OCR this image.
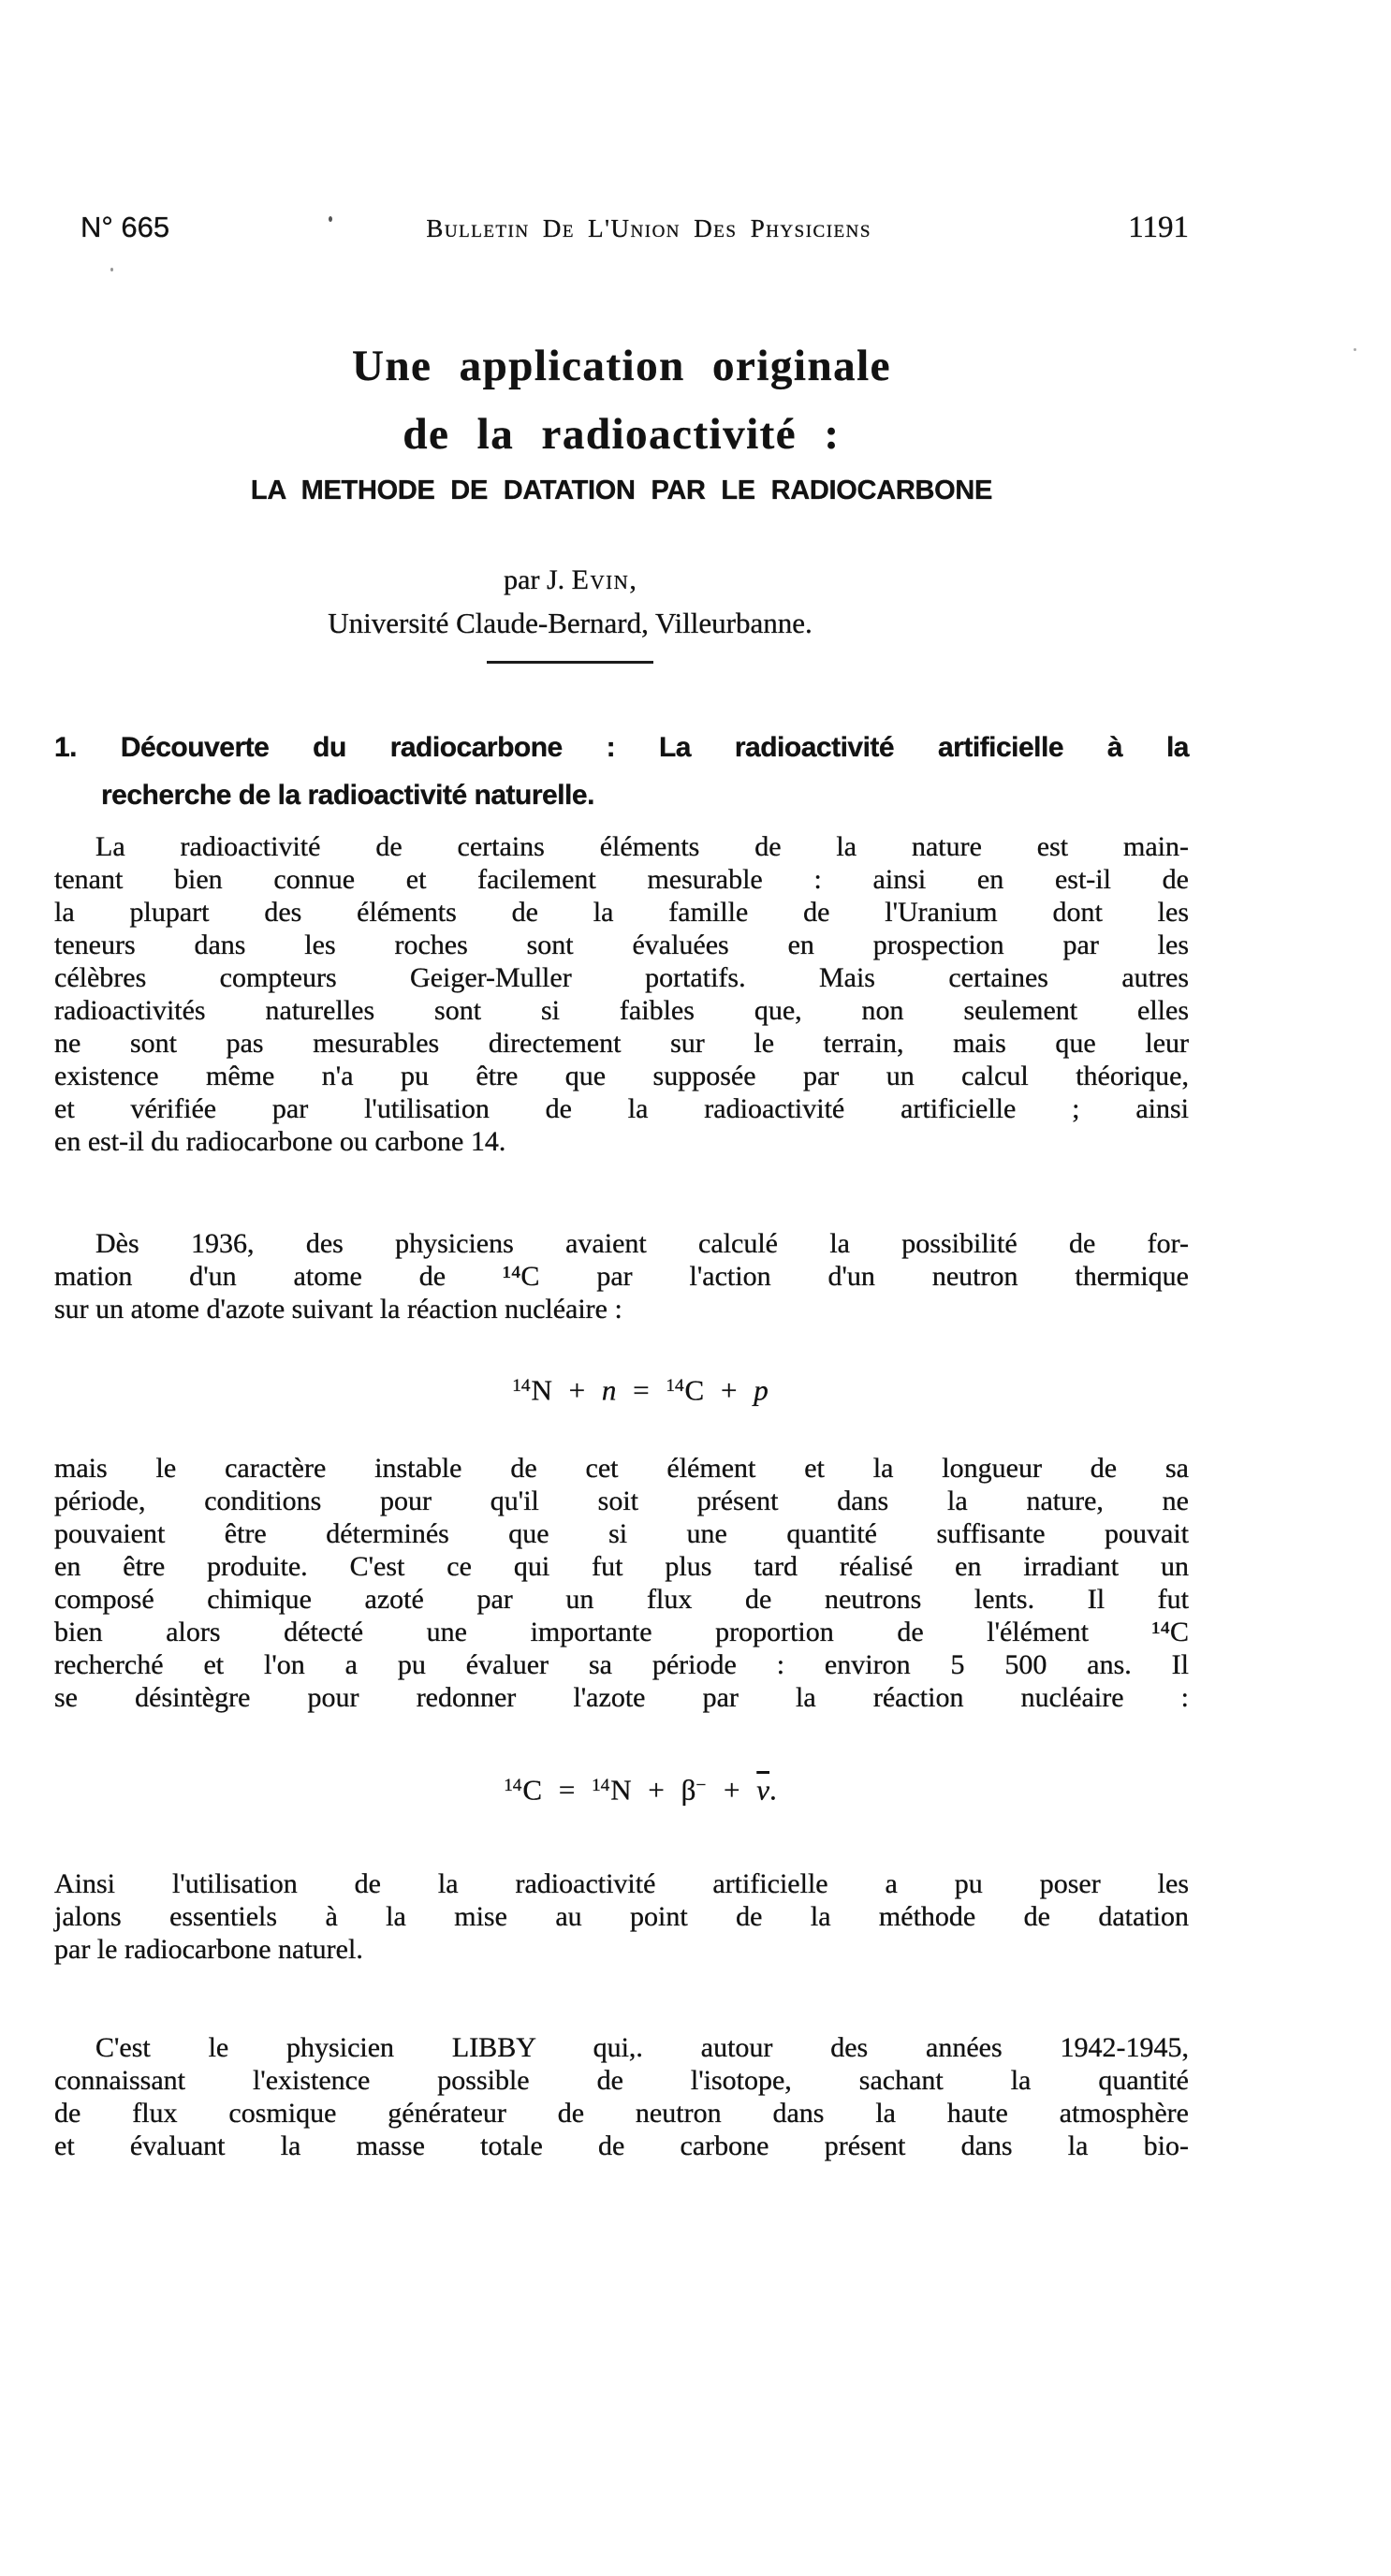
N° 665	Bulletin De L'Union Des Physiciens	1191
Une application originale
de la radioactivité :
LA METHODE DE DATATION PAR LE RADIOCARBONE

par J. Evin,

Université Claude-Bernard, Villeurbanne.

1. Découverte du radiocarbone : La radioactivité artificielle à la
recherche de la radioactivité naturelle.
La radioactivité de certains éléments de la nature est main-
tenant bien connue et facilement mesurable : ainsi en est-il de
la plupart des éléments de la famille de l'Uranium dont les
teneurs dans les roches sont évaluées en prospection par les
célèbres compteurs Geiger-Muller portatifs. Mais certaines autres
radioactivités naturelles sont si faibles que, non seulement elles
ne sont pas mesurables directement sur le terrain, mais que leur
existence même n'a pu être que supposée par un calcul théorique,
et vérifiée par l'utilisation de la radioactivité artificielle ; ainsi
en est-il du radiocarbone ou carbone 14.
Dès 1936, des physiciens avaient calculé la possibilité de for-
mation d'un atome de ¹⁴C par l'action d'un neutron thermique
sur un atome d'azote suivant la réaction nucléaire :
$^{14}$N + n = $^{14}$C + p
mais le caractère instable de cet élément et la longueur de sa
période, conditions pour qu'il soit présent dans la nature, ne
pouvaient être déterminés que si une quantité suffisante pouvait
en être produite. C'est ce qui fut plus tard réalisé en irradiant un
composé chimique azoté par un flux de neutrons lents. Il fut
bien alors détecté une importante proportion de l'élément ¹⁴C
recherché et l'on a pu évaluer sa période : environ 5 500 ans. Il
se désintègre pour redonner l'azote par la réaction nucléaire :
$^{14}C = ^{14}N + \beta^- + \overline{\nu}$.
Ainsi l'utilisation de la radioactivité artificielle a pu poser les
jalons essentiels à la mise au point de la méthode de datation
par le radiocarbone naturel.
C'est le physicien LIBBY qui,. autour des années 1942-1945,
connaissant l'existence possible de l'isotope, sachant la quantité
de flux cosmique générateur de neutron dans la haute atmosphère
et évaluant la masse totale de carbone présent dans la bio-
